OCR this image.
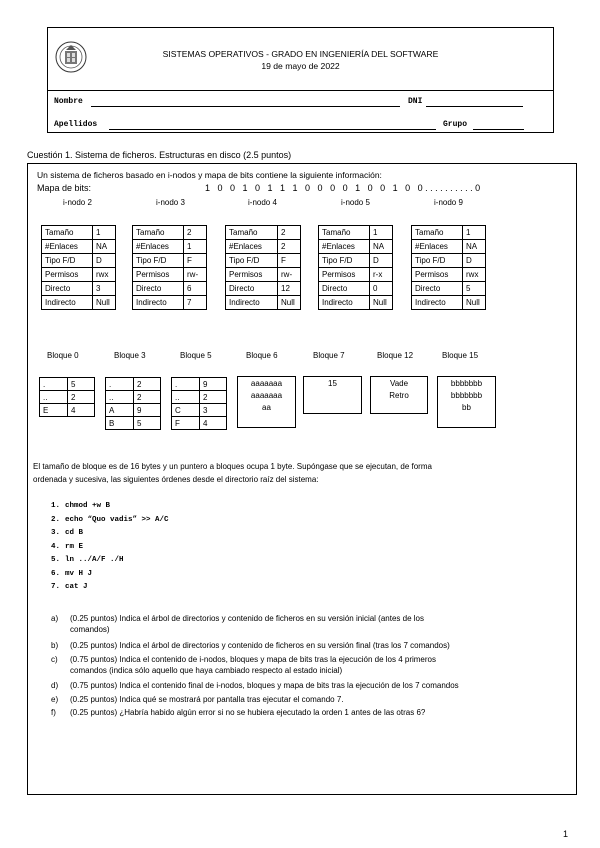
SISTEMAS OPERATIVOS - GRADO EN INGENIERÍA DEL SOFTWARE
19 de mayo de 2022
Nombre	DNI
Apellidos	Grupo
Cuestión 1. Sistema de ficheros. Estructuras en disco (2.5 puntos)
Un sistema de ficheros basado en i-nodos y mapa de bits contiene la siguiente información:
Mapa de bits:	1   0   0   1   0   1   1   1   0   0   0   0   1   0   0   1   0   0 . . . . . . . . . . 0
i-nodo 2	i-nodo 3	i-nodo 4	i-nodo 5	i-nodo 9
Tamaño	1
#Enlaces	NA
Tipo F/D	D
Permisos	rwx
Directo	3
Indirecto	Null
Tamaño	2
#Enlaces	1
Tipo F/D	F
Permisos	rw-
Directo	6
Indirecto	7
Tamaño	2
#Enlaces	2
Tipo F/D	F
Permisos	rw-
Directo	12
Indirecto	Null
Tamaño	1
#Enlaces	NA
Tipo F/D	D
Permisos	r-x
Directo	0
Indirecto	Null
Tamaño	1
#Enlaces	NA
Tipo F/D	D
Permisos	rwx
Directo	5
Indirecto	Null
Bloque 0	Bloque 3	Bloque 5	Bloque 6	Bloque 7	Bloque 12	Bloque 15
.	5
..	2
E	4
.	2
..	2
A	9
B	5
.	9
..	2
C	3
F	4
aaaaaaa
aaaaaaa
aa
15	Vade
Retro
bbbbbbb
bbbbbbb
bb
El tamaño de bloque es de 16 bytes y un puntero a bloques ocupa 1 byte. Supóngase que se ejecutan, de forma
ordenada y sucesiva, las siguientes órdenes desde el directorio raíz del sistema:
1. chmod +w B
2. echo “Quo vadis” >> A/C
3. cd B
4. rm E
5. ln ../A/F ./H
6. mv H J
7. cat J
a) (0.25 puntos) Indica el árbol de directorios y contenido de ficheros en su versión inicial (antes de los
comandos)
b) (0.25 puntos) Indica el árbol de directorios y contenido de ficheros en su versión final (tras los 7 comandos)
c) (0.75 puntos) Indica el contenido de i-nodos, bloques y mapa de bits tras la ejecución de los 4 primeros
comandos (indica sólo aquello que haya cambiado respecto al estado inicial)
d) (0.75 puntos) Indica el contenido final de i-nodos, bloques y mapa de bits tras la ejecución de los 7 comandos
e) (0.25 puntos) Indica qué se mostrará por pantalla tras ejecutar el comando 7.
f) (0.25 puntos) ¿Habría habido algún error si no se hubiera ejecutado la orden 1 antes de las otras 6?
1
